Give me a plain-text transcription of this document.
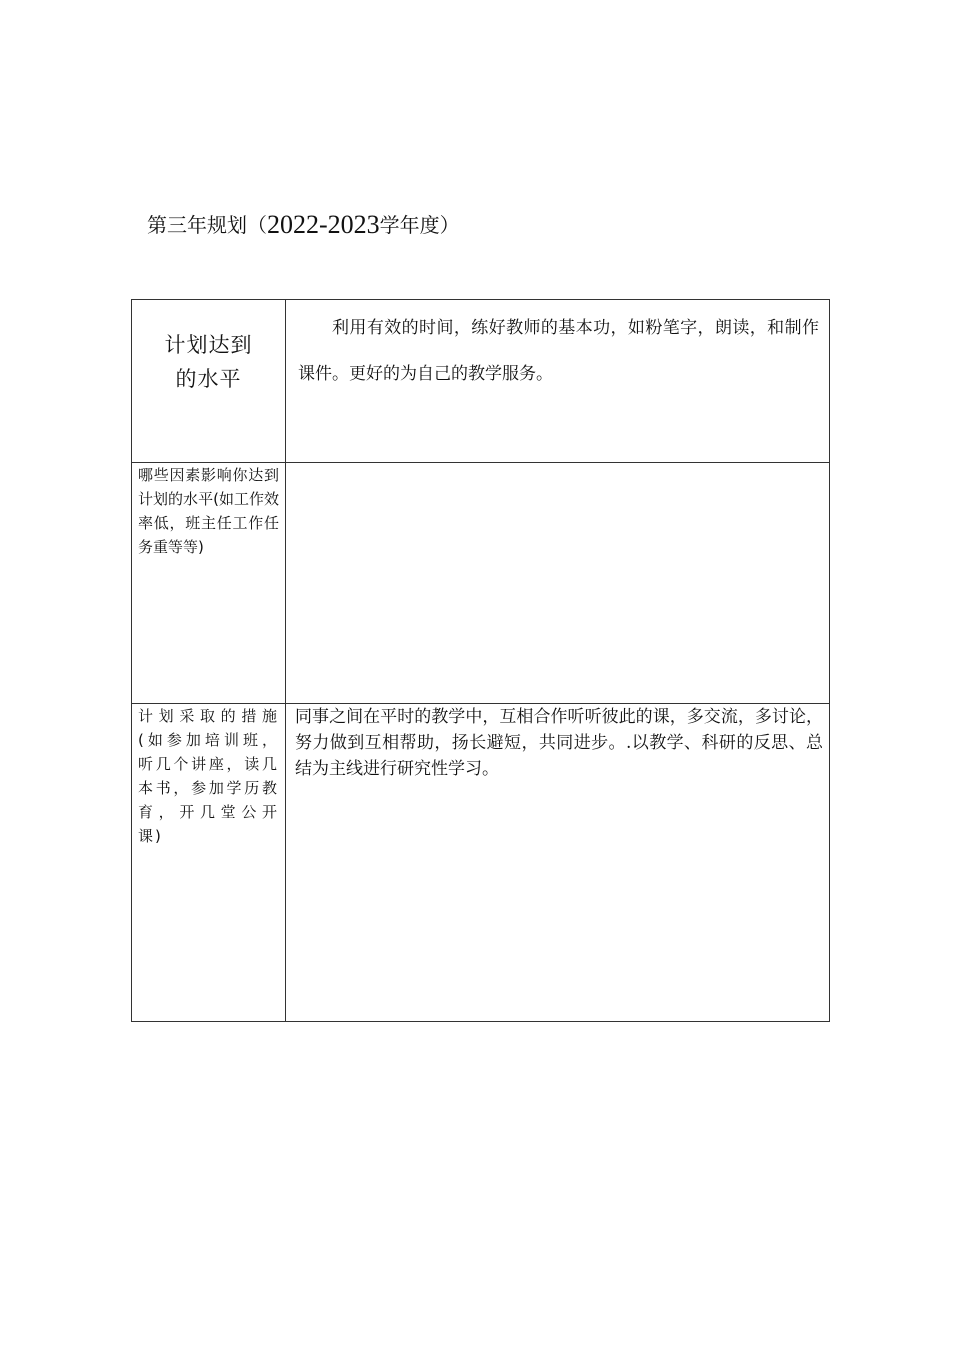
第三年规划（2022-2023学年度）
计划达到
的水平	利用有效的时间，练好教师的基本功，如粉笔字，朗读，和制作课件。更好的为自己的教学服务。

哪些因素影响你达到计划的水平(如工作效率低，班主任工作任务重等等)	

计划采取的措施(如参加培训班，听几个讲座，读几本书，参加学历教育，开几堂公开课)	同事之间在平时的教学中，互相合作听听彼此的课，多交流，多讨论，努力做到互相帮助，扬长避短，共同进步。.以教学、科研的反思、总结为主线进行研究性学习。
